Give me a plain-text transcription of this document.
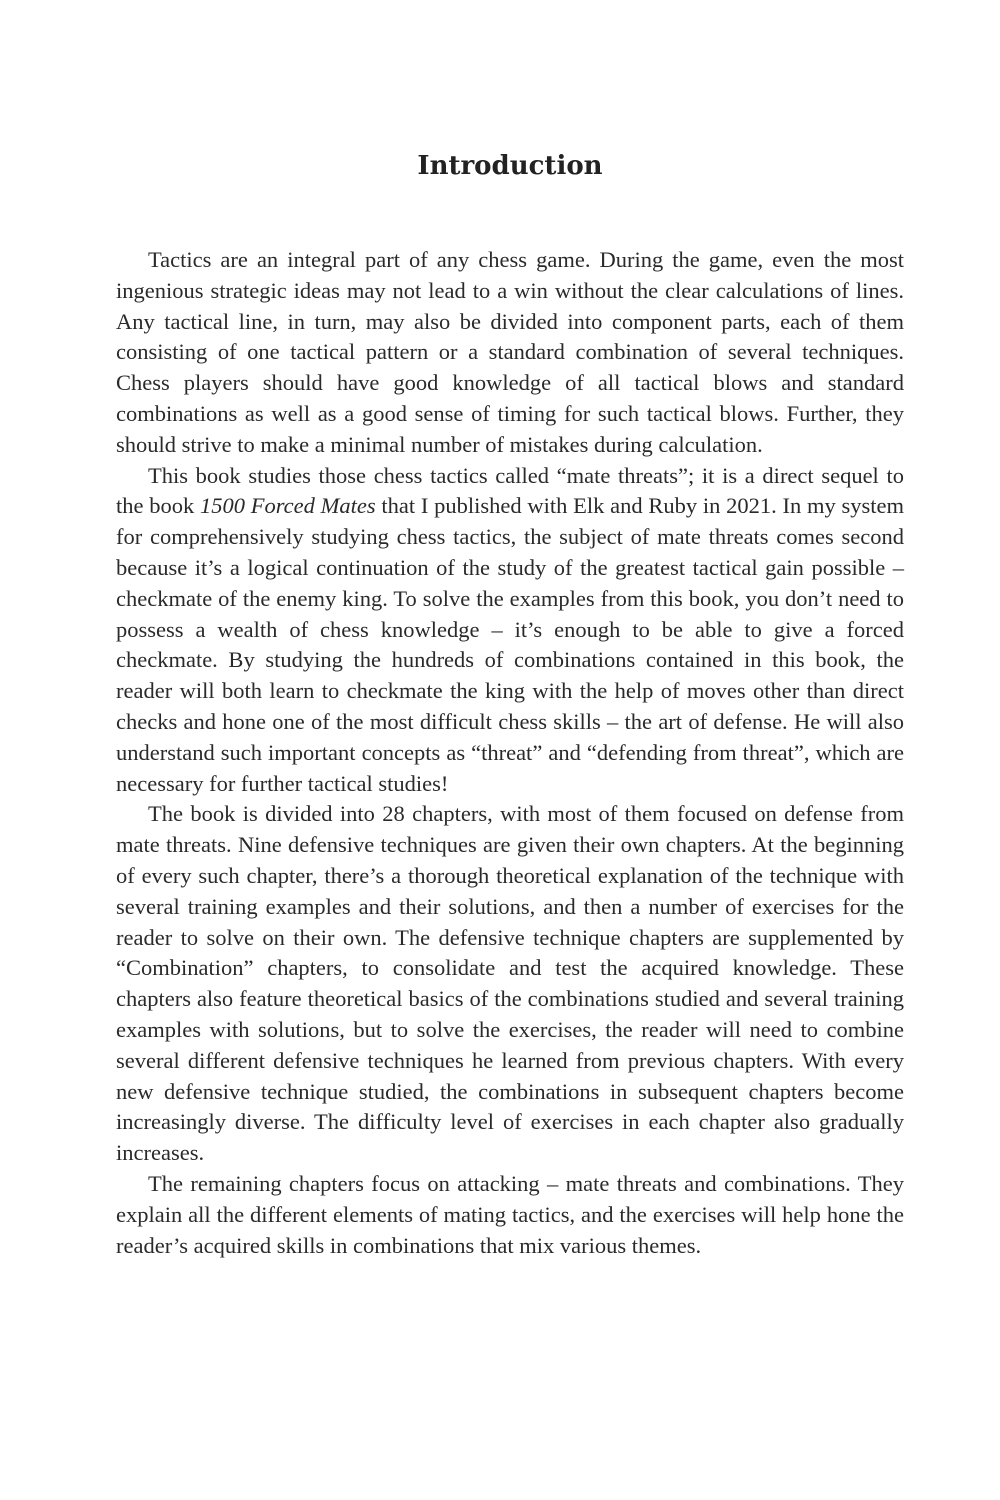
Introduction

Tactics are an integral part of any chess game. During the game, even the most ingenious strategic ideas may not lead to a win without the clear calculations of lines. Any tactical line, in turn, may also be divided into component parts, each of them consisting of one tactical pattern or a standard combination of several techniques. Chess players should have good knowledge of all tactical blows and standard combinations as well as a good sense of timing for such tactical blows. Further, they should strive to make a minimal number of mistakes during calculation.

This book studies those chess tactics called “mate threats”; it is a direct sequel to the book 1500 Forced Mates that I published with Elk and Ruby in 2021. In my system for comprehensively studying chess tactics, the subject of mate threats comes second because it’s a logical continuation of the study of the greatest tactical gain possible – checkmate of the enemy king. To solve the examples from this book, you don’t need to possess a wealth of chess knowledge – it’s enough to be able to give a forced checkmate. By studying the hundreds of combinations contained in this book, the reader will both learn to checkmate the king with the help of moves other than direct checks and hone one of the most difficult chess skills – the art of defense. He will also understand such important concepts as “threat” and “defending from threat”, which are necessary for further tactical studies!

The book is divided into 28 chapters, with most of them focused on defense from mate threats. Nine defensive techniques are given their own chapters. At the beginning of every such chapter, there’s a thorough theoretical explanation of the technique with several training examples and their solutions, and then a number of exercises for the reader to solve on their own. The defensive technique chapters are supplemented by “Combination” chapters, to consolidate and test the acquired knowledge. These chapters also feature theoretical basics of the combinations studied and several training examples with solutions, but to solve the exercises, the reader will need to combine several different defensive techniques he learned from previous chapters. With every new defensive technique studied, the combinations in subsequent chapters become increasingly diverse. The difficulty level of exercises in each chapter also gradually increases.

The remaining chapters focus on attacking – mate threats and combinations. They explain all the different elements of mating tactics, and the exercises will help hone the reader’s acquired skills in combinations that mix various themes.
